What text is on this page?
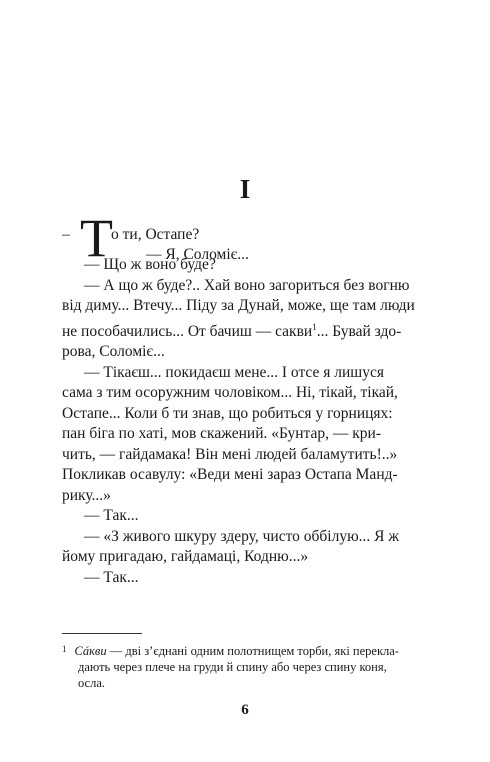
I
– Т
о ти, Остапе?
— Я, Соломіє...
— Що ж воно буде?
— А що ж буде?.. Хай воно загориться без вогню
від диму... Втечу... Піду за Дунай, може, ще там люди
не пособачились... От бачиш — сакви$^1$... Бувай здо-
рова, Соломіє...
— Тікаєш... покидаєш мене... І отсе я лишуся
сама з тим осоружним чоловіком... Ні, тікай, тікай,
Остапе... Коли б ти знав, що робиться у горницях:
пан біга по хаті, мов скажений. «Бунтар, — кри-
чить, — гайдамака! Він мені людей баламутить!..»
Покликав осавулу: «Веди мені зараз Остапа Манд-
рику...»
— Так...
— «З живого шкуру здеру, чисто оббілую... Я ж
йому пригадаю, гайдамаці, Кодню...»
— Так...
$^1$ Сáкви — дві з’єднані одним полотнищем торби, які перекла-
дають через плече на груди й спину або через спину коня,
осла.
6
